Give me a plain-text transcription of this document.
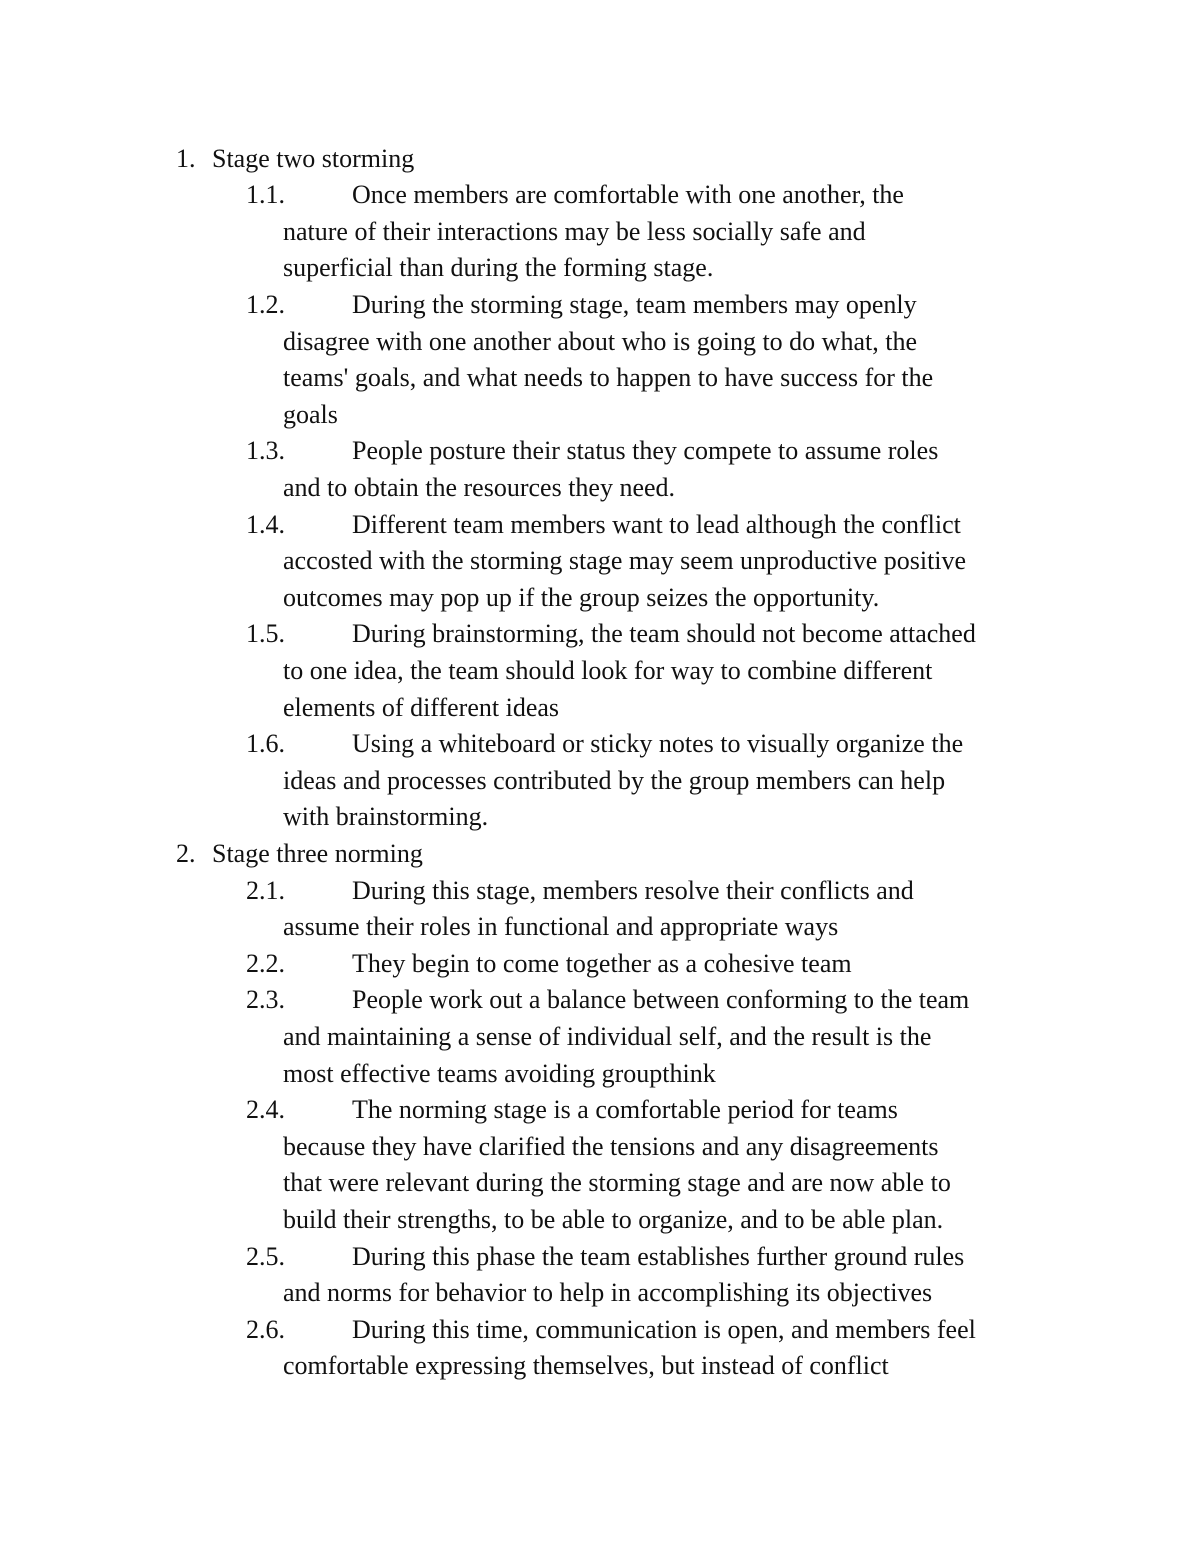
1. Stage two storming
1.1.	Once members are comfortable with one another, the
nature of their interactions may be less socially safe and
superficial than during the forming stage.
1.2.	During the storming stage, team members may openly
disagree with one another about who is going to do what, the
teams' goals, and what needs to happen to have success for the
goals
1.3.	People posture their status they compete to assume roles
and to obtain the resources they need.
1.4.	Different team members want to lead although the conflict
accosted with the storming stage may seem unproductive positive
outcomes may pop up if the group seizes the opportunity.
1.5.	During brainstorming, the team should not become attached
to one idea, the team should look for way to combine different
elements of different ideas
1.6.	Using a whiteboard or sticky notes to visually organize the
ideas and processes contributed by the group members can help
with brainstorming.
2. Stage three norming
2.1.	During this stage, members resolve their conflicts and
assume their roles in functional and appropriate ways
2.2.	They begin to come together as a cohesive team
2.3.	People work out a balance between conforming to the team
and maintaining a sense of individual self, and the result is the
most effective teams avoiding groupthink
2.4.	The norming stage is a comfortable period for teams
because they have clarified the tensions and any disagreements
that were relevant during the storming stage and are now able to
build their strengths, to be able to organize, and to be able plan.
2.5.	During this phase the team establishes further ground rules
and norms for behavior to help in accomplishing its objectives
2.6.	During this time, communication is open, and members feel
comfortable expressing themselves, but instead of conflict
